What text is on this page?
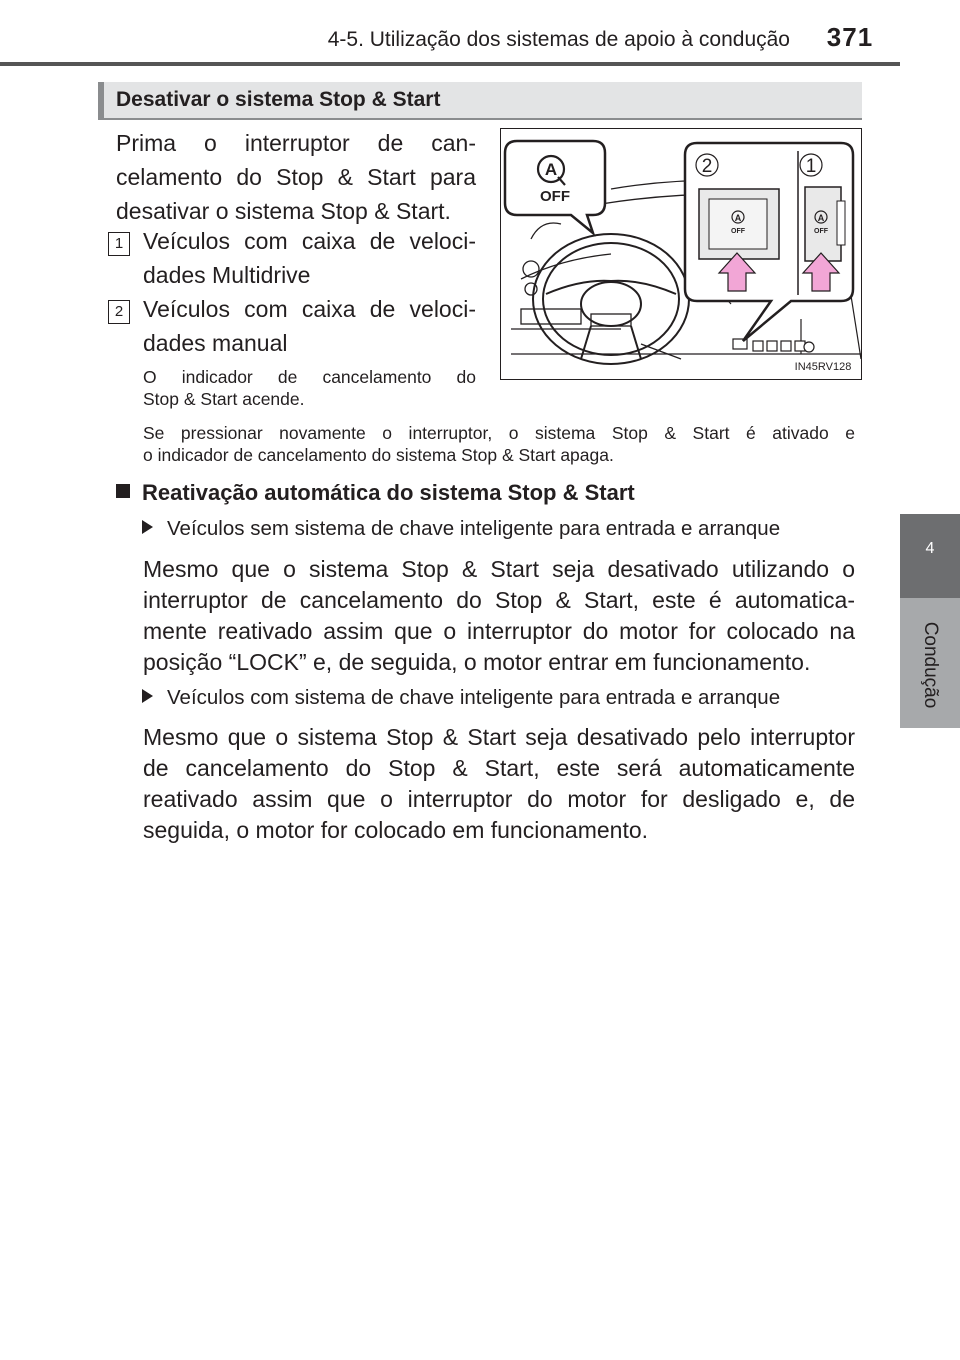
4-5. Utilização dos sistemas de apoio à condução	371
4
Condução
Desativar o sistema Stop & Start
Prima o interruptor de can-
celamento do Stop & Start para
desativar o sistema Stop & Start.
1 Veículos com caixa de veloci-
dades Multidrive
2 Veículos com caixa de veloci-
dades manual
O indicador de cancelamento do
Stop & Start acende.
Se pressionar novamente o interruptor, o sistema Stop & Start é ativado e
o indicador de cancelamento do sistema Stop & Start apaga.
A
OFF
2	1
A
OFF
A
OFF
IN45RV128
Reativação automática do sistema Stop & Start
Veículos sem sistema de chave inteligente para entrada e arranque
Mesmo que o sistema Stop & Start seja desativado utilizando o
interruptor de cancelamento do Stop & Start, este é automatica-
mente reativado assim que o interruptor do motor for colocado na
posição “LOCK” e, de seguida, o motor entrar em funcionamento.
Veículos com sistema de chave inteligente para entrada e arranque
Mesmo que o sistema Stop & Start seja desativado pelo interruptor
de cancelamento do Stop & Start, este será automaticamente
reativado assim que o interruptor do motor for desligado e, de
seguida, o motor for colocado em funcionamento.
